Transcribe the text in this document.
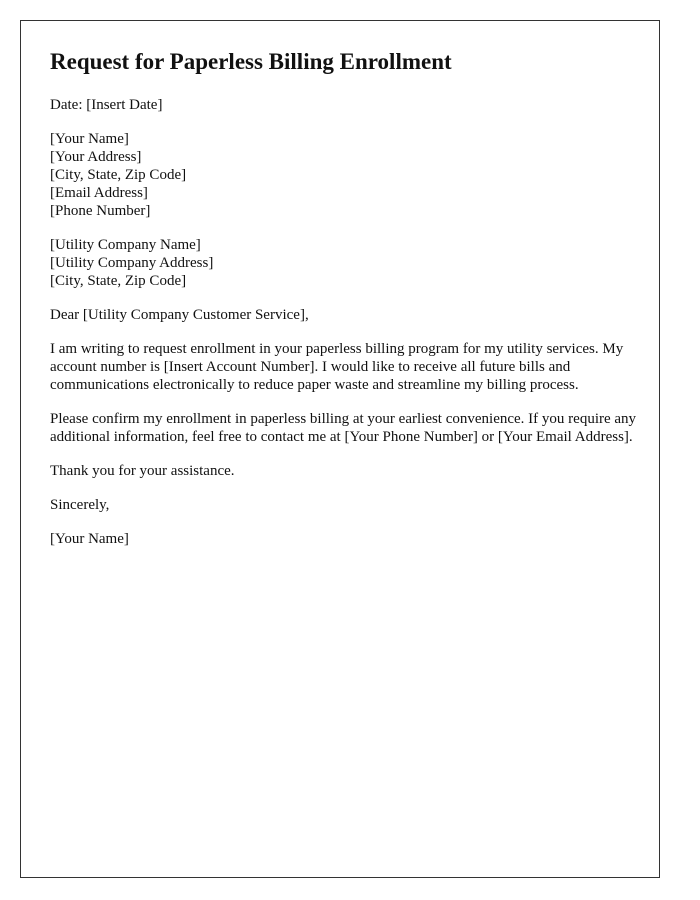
Request for Paperless Billing Enrollment

Date: [Insert Date]

[Your Name]
[Your Address]
[City, State, Zip Code]
[Email Address]
[Phone Number]
[Utility Company Name]
[Utility Company Address]
[City, State, Zip Code]

Dear [Utility Company Customer Service],

I am writing to request enrollment in your paperless billing program for my utility services. My account number is [Insert Account Number]. I would like to receive all future bills and communications electronically to reduce paper waste and streamline my billing process.

Please confirm my enrollment in paperless billing at your earliest convenience. If you require any additional information, feel free to contact me at [Your Phone Number] or [Your Email Address].

Thank you for your assistance.

Sincerely,

[Your Name]
